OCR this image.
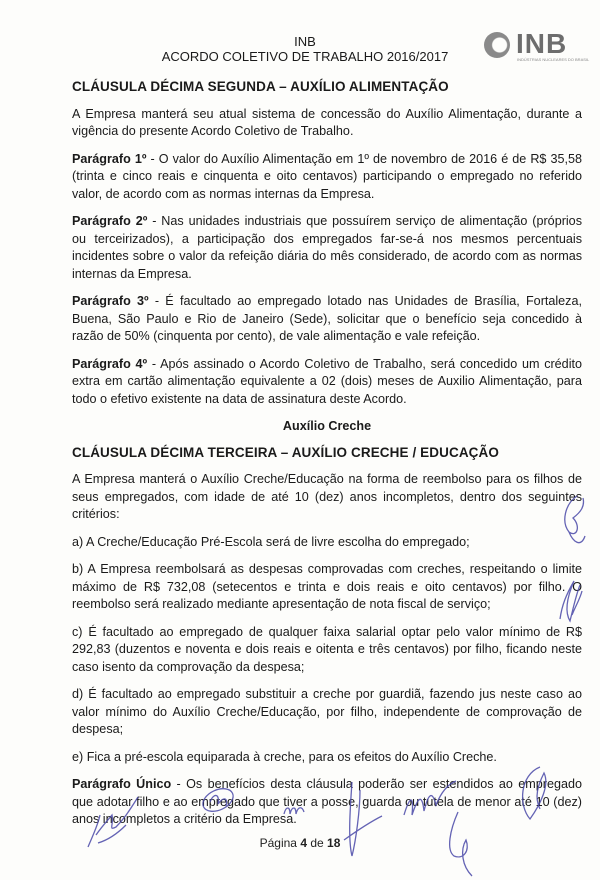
INB
ACORDO COLETIVO DE TRABALHO 2016/2017	INB
INDÚSTRIAS NUCLEARES DO BRASIL
CLÁUSULA DÉCIMA SEGUNDA – AUXÍLIO ALIMENTAÇÃO

A Empresa manterá seu atual sistema de concessão do Auxílio Alimentação, durante a vigência do presente Acordo Coletivo de Trabalho.

Parágrafo 1º - O valor do Auxílio Alimentação em 1º de novembro de 2016 é de R$ 35,58 (trinta e cinco reais e cinquenta e oito centavos) participando o empregado no referido valor, de acordo com as normas internas da Empresa.

Parágrafo 2º - Nas unidades industriais que possuírem serviço de alimentação (próprios ou terceirizados), a participação dos empregados far-se-á nos mesmos percentuais incidentes sobre o valor da refeição diária do mês considerado, de acordo com as normas internas da Empresa.

Parágrafo 3º - É facultado ao empregado lotado nas Unidades de Brasília, Fortaleza, Buena, São Paulo e Rio de Janeiro (Sede), solicitar que o benefício seja concedido à razão de 50% (cinquenta por cento), de vale alimentação e vale refeição.

Parágrafo 4º - Após assinado o Acordo Coletivo de Trabalho, será concedido um crédito extra em cartão alimentação equivalente a 02 (dois) meses de Auxilio Alimentação, para todo o efetivo existente na data de assinatura deste Acordo.

Auxílio Creche
CLÁUSULA DÉCIMA TERCEIRA – AUXÍLIO CRECHE / EDUCAÇÃO

A Empresa manterá o Auxílio Creche/Educação na forma de reembolso para os filhos de seus empregados, com idade de até 10 (dez) anos incompletos, dentro dos seguintes critérios:

a) A Creche/Educação Pré-Escola será de livre escolha do empregado;

b) A Empresa reembolsará as despesas comprovadas com creches, respeitando o limite máximo de R$ 732,08 (setecentos e trinta e dois reais e oito centavos) por filho. O reembolso será realizado mediante apresentação de nota fiscal de serviço;

c) É facultado ao empregado de qualquer faixa salarial optar pelo valor mínimo de R$ 292,83 (duzentos e noventa e dois reais e oitenta e três centavos) por filho, ficando neste caso isento da comprovação da despesa;

d) É facultado ao empregado substituir a creche por guardiã, fazendo jus neste caso ao valor mínimo do Auxílio Creche/Educação, por filho, independente de comprovação de despesa;

e) Fica a pré-escola equiparada à creche, para os efeitos do Auxílio Creche.

Parágrafo Único - Os benefícios desta cláusula poderão ser estendidos ao empregado que adotar filho e ao empregado que tiver a posse, guarda ou tutela de menor até 10 (dez) anos incompletos a critério da Empresa.

Página 4 de 18
